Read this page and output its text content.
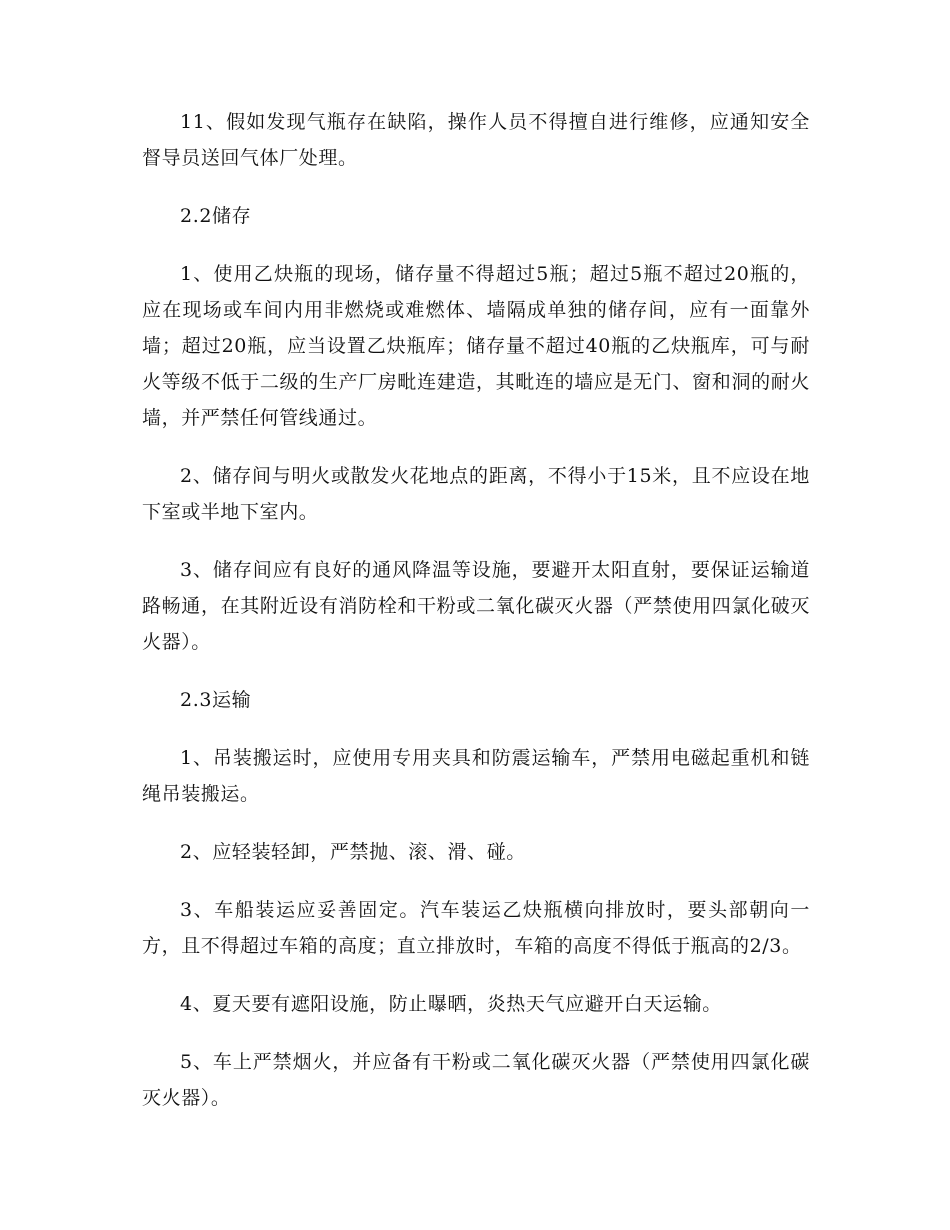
11、假如发现气瓶存在缺陷，操作人员不得擅自进行维修，应通知安全督导员送回气体厂处理。

2.2储存

1、使用乙炔瓶的现场，储存量不得超过5瓶；超过5瓶不超过20瓶的，应在现场或车间内用非燃烧或难燃体、墙隔成单独的储存间，应有一面靠外墙；超过20瓶，应当设置乙炔瓶库；储存量不超过40瓶的乙炔瓶库，可与耐火等级不低于二级的生产厂房毗连建造，其毗连的墙应是无门、窗和洞的耐火墙，并严禁任何管线通过。

2、储存间与明火或散发火花地点的距离，不得小于15米，且不应设在地下室或半地下室内。

3、储存间应有良好的通风降温等设施，要避开太阳直射，要保证运输道路畅通，在其附近设有消防栓和干粉或二氧化碳灭火器（严禁使用四氯化破灭火器）。

2.3运输

1、吊装搬运时，应使用专用夹具和防震运输车，严禁用电磁起重机和链绳吊装搬运。

2、应轻装轻卸，严禁抛、滚、滑、碰。

3、车船装运应妥善固定。汽车装运乙炔瓶横向排放时，要头部朝向一方，且不得超过车箱的高度；直立排放时，车箱的高度不得低于瓶高的2/3。

4、夏天要有遮阳设施，防止曝晒，炎热天气应避开白天运输。

5、车上严禁烟火，并应备有干粉或二氧化碳灭火器（严禁使用四氯化碳灭火器）。
